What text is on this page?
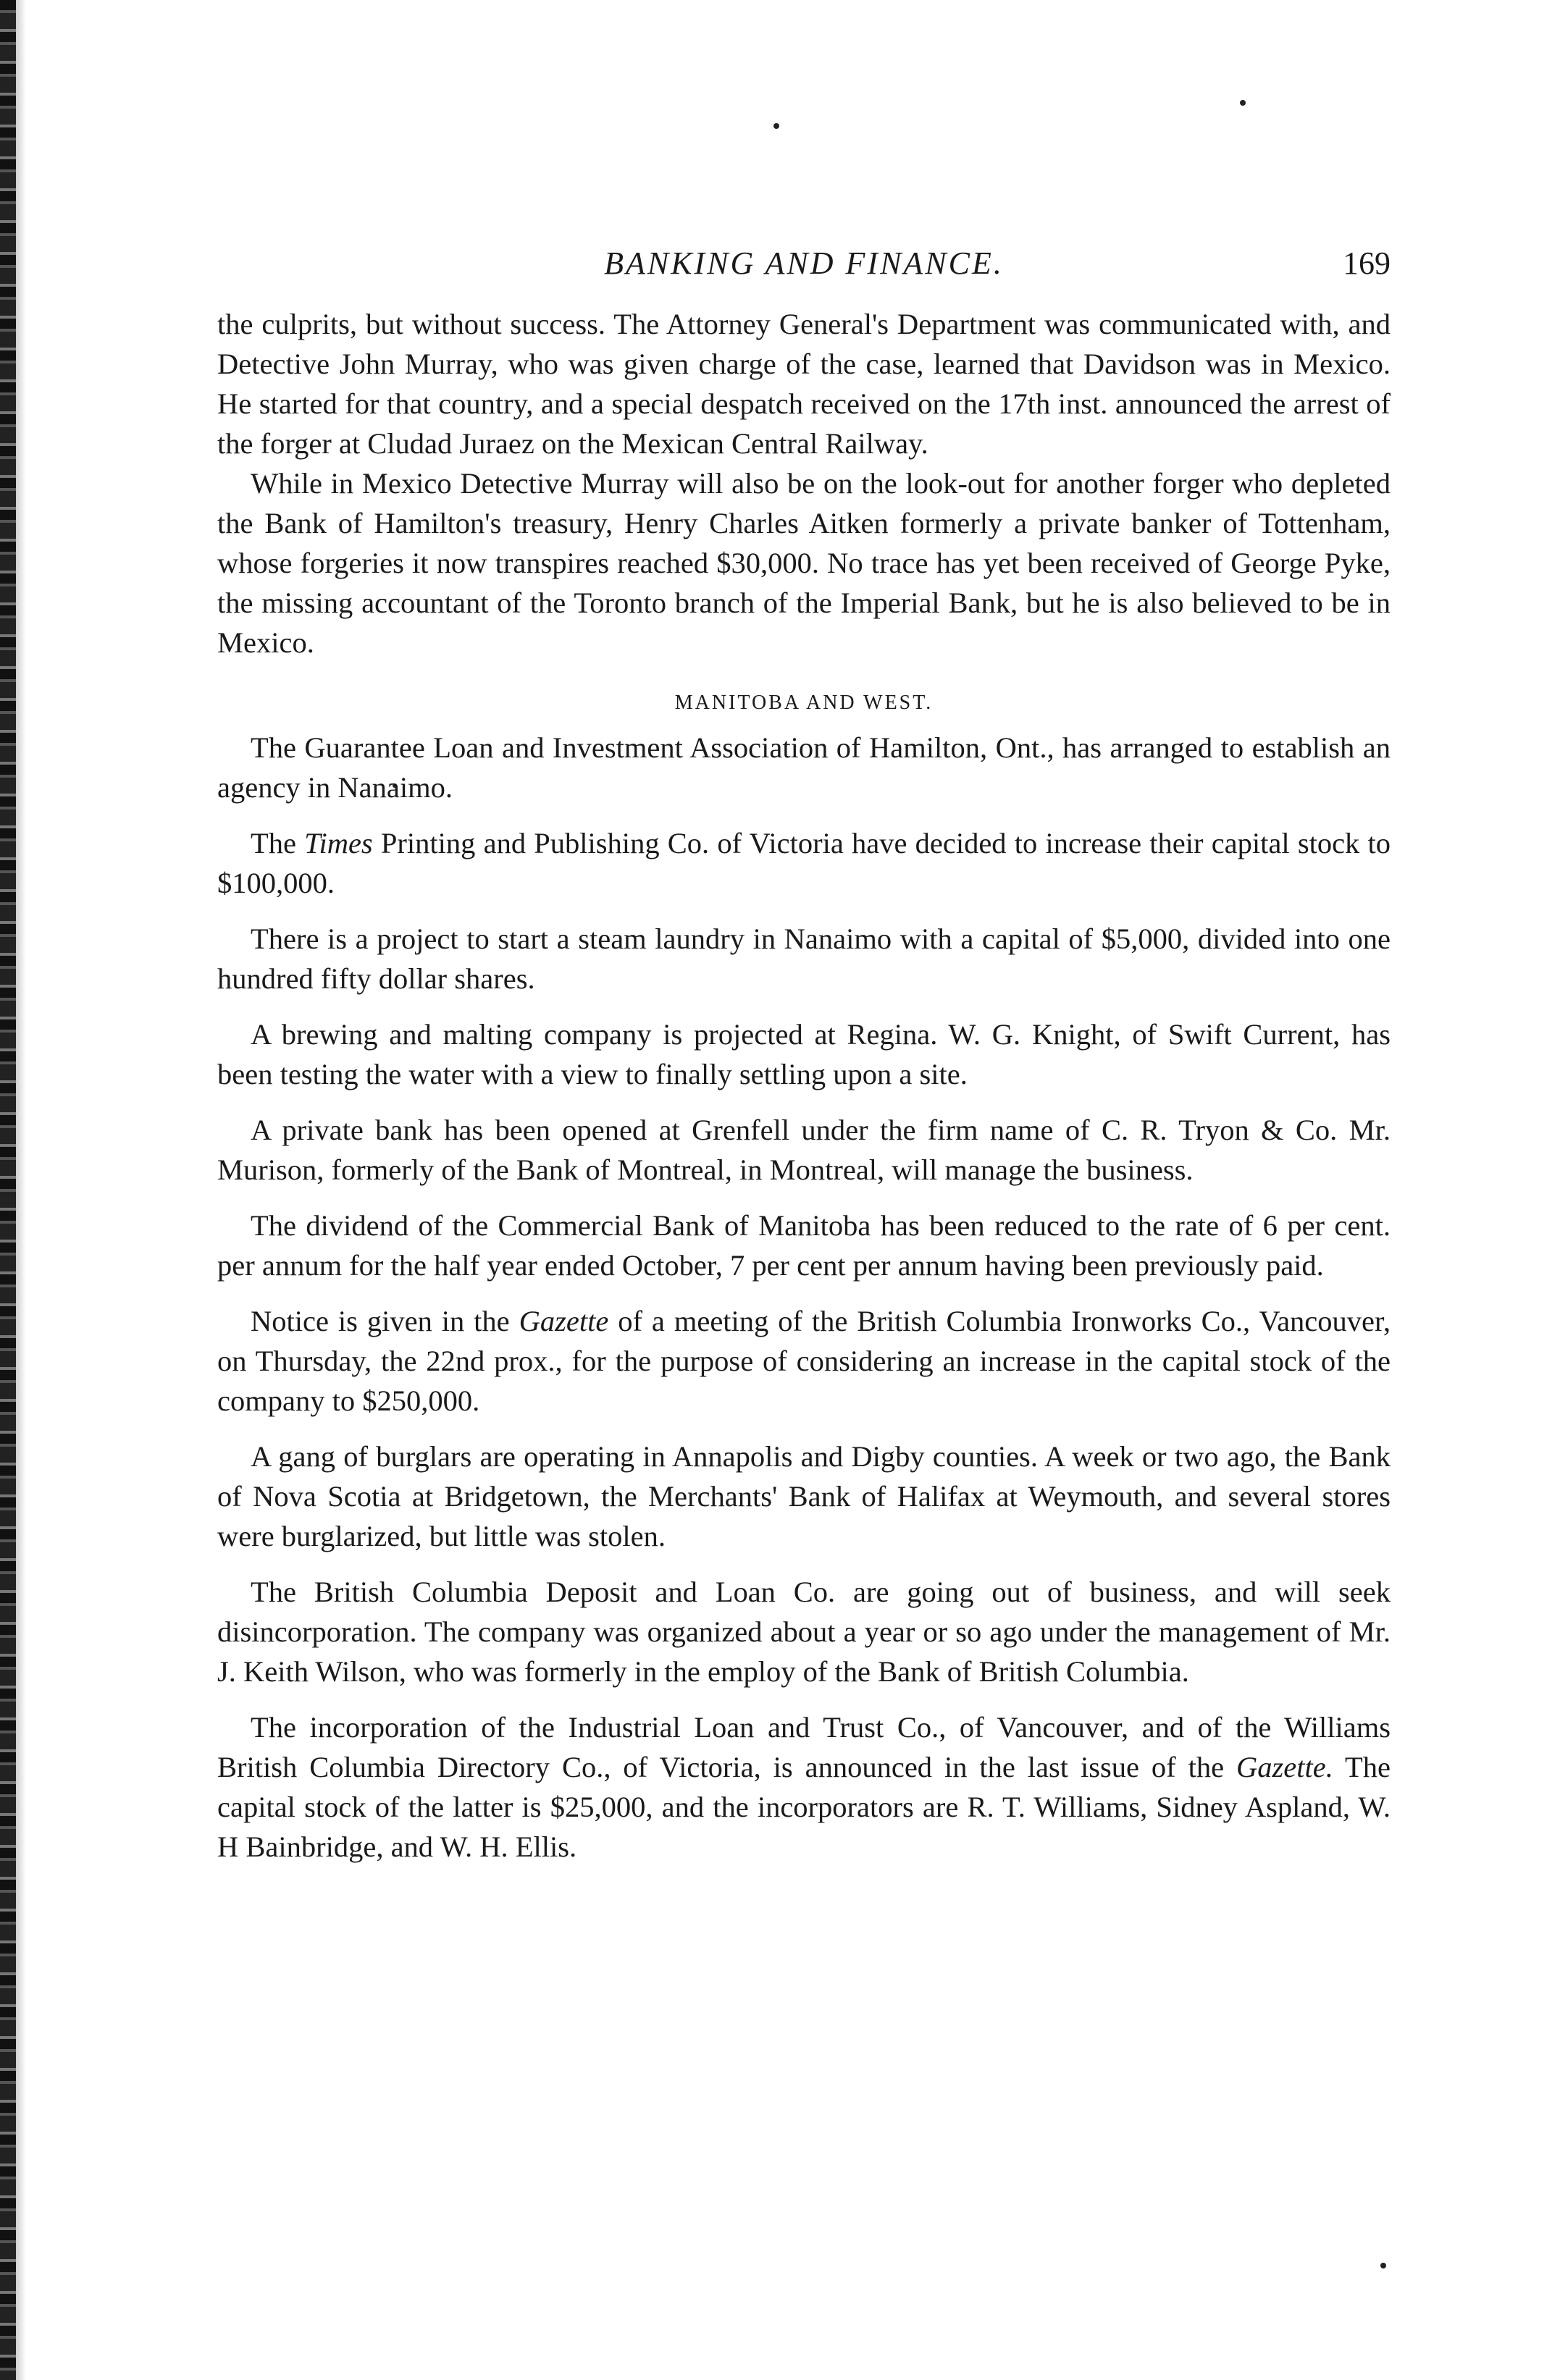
BANKING AND FINANCE.	169

the culprits, but without success. The Attorney General's Department was communicated with, and Detective John Murray, who was given charge of the case, learned that Davidson was in Mexico. He started for that country, and a special despatch received on the 17th inst. announced the arrest of the forger at Cludad Juraez on the Mexican Central Railway.

While in Mexico Detective Murray will also be on the look-out for another forger who depleted the Bank of Hamilton's treasury, Henry Charles Aitken formerly a private banker of Tottenham, whose forgeries it now transpires reached $30,000. No trace has yet been received of George Pyke, the missing accountant of the Toronto branch of the Imperial Bank, but he is also believed to be in Mexico.

MANITOBA AND WEST.

The Guarantee Loan and Investment Association of Hamilton, Ont., has arranged to establish an agency in Nanaimo.

The Times Printing and Publishing Co. of Victoria have decided to increase their capital stock to $100,000.

There is a project to start a steam laundry in Nanaimo with a capital of $5,000, divided into one hundred fifty dollar shares.

A brewing and malting company is projected at Regina. W. G. Knight, of Swift Current, has been testing the water with a view to finally settling upon a site.

A private bank has been opened at Grenfell under the firm name of C. R. Tryon & Co. Mr. Murison, formerly of the Bank of Montreal, in Montreal, will manage the business.

The dividend of the Commercial Bank of Manitoba has been reduced to the rate of 6 per cent. per annum for the half year ended October, 7 per cent per annum having been previously paid.

Notice is given in the Gazette of a meeting of the British Columbia Ironworks Co., Vancouver, on Thursday, the 22nd prox., for the purpose of considering an increase in the capital stock of the company to $250,000.

A gang of burglars are operating in Annapolis and Digby counties. A week or two ago, the Bank of Nova Scotia at Bridgetown, the Merchants' Bank of Halifax at Weymouth, and several stores were burglarized, but little was stolen.

The British Columbia Deposit and Loan Co. are going out of business, and will seek disincorporation. The company was organized about a year or so ago under the management of Mr. J. Keith Wilson, who was formerly in the employ of the Bank of British Columbia.

The incorporation of the Industrial Loan and Trust Co., of Vancouver, and of the Williams British Columbia Directory Co., of Victoria, is announced in the last issue of the Gazette. The capital stock of the latter is $25,000, and the incorporators are R. T. Williams, Sidney Aspland, W. H Bainbridge, and W. H. Ellis.
